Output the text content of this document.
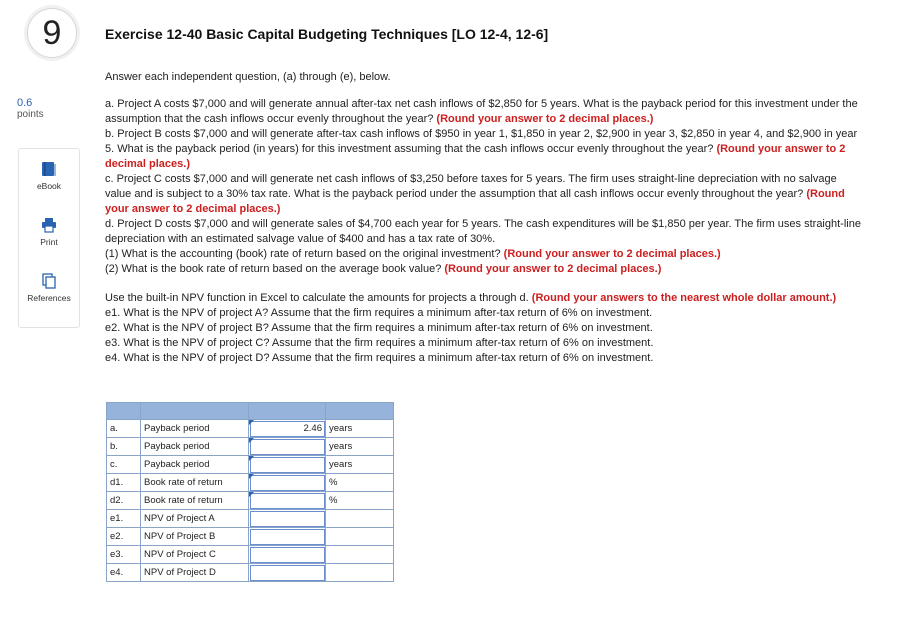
9
0.6
points
eBook
Print
References
Exercise 12-40 Basic Capital Budgeting Techniques [LO 12-4, 12-6]

Answer each independent question, (a) through (e), below.

a. Project A costs $7,000 and will generate annual after-tax net cash inflows of $2,850 for 5 years. What is the payback period for this investment under the assumption that the cash inflows occur evenly throughout the year? (Round your answer to 2 decimal places.)

b. Project B costs $7,000 and will generate after-tax cash inflows of $950 in year 1, $1,850 in year 2, $2,900 in year 3, $2,850 in year 4, and $2,900 in year 5. What is the payback period (in years) for this investment assuming that the cash inflows occur evenly throughout the year? (Round your answer to 2 decimal places.)

c. Project C costs $7,000 and will generate net cash inflows of $3,250 before taxes for 5 years. The firm uses straight-line depreciation with no salvage value and is subject to a 30% tax rate. What is the payback period under the assumption that all cash inflows occur evenly throughout the year? (Round your answer to 2 decimal places.)

d. Project D costs $7,000 and will generate sales of $4,700 each year for 5 years. The cash expenditures will be $1,850 per year. The firm uses straight-line depreciation with an estimated salvage value of $400 and has a tax rate of 30%.

(1) What is the accounting (book) rate of return based on the original investment? (Round your answer to 2 decimal places.)

(2) What is the book rate of return based on the average book value? (Round your answer to 2 decimal places.)

Use the built-in NPV function in Excel to calculate the amounts for projects a through d. (Round your answers to the nearest whole dollar amount.)

e1. What is the NPV of project A? Assume that the firm requires a minimum after-tax return of 6% on investment.

e2. What is the NPV of project B? Assume that the firm requires a minimum after-tax return of 6% on investment.

e3. What is the NPV of project C? Assume that the firm requires a minimum after-tax return of 6% on investment.

e4. What is the NPV of project D? Assume that the firm requires a minimum after-tax return of 6% on investment.

a.	Payback period	2.46	years
b.	Payback period		years
c.	Payback period		years
d1.	Book rate of return		%
d2.	Book rate of return		%
e1.	NPV of Project A		
e2.	NPV of Project B		
e3.	NPV of Project C		
e4.	NPV of Project D		
